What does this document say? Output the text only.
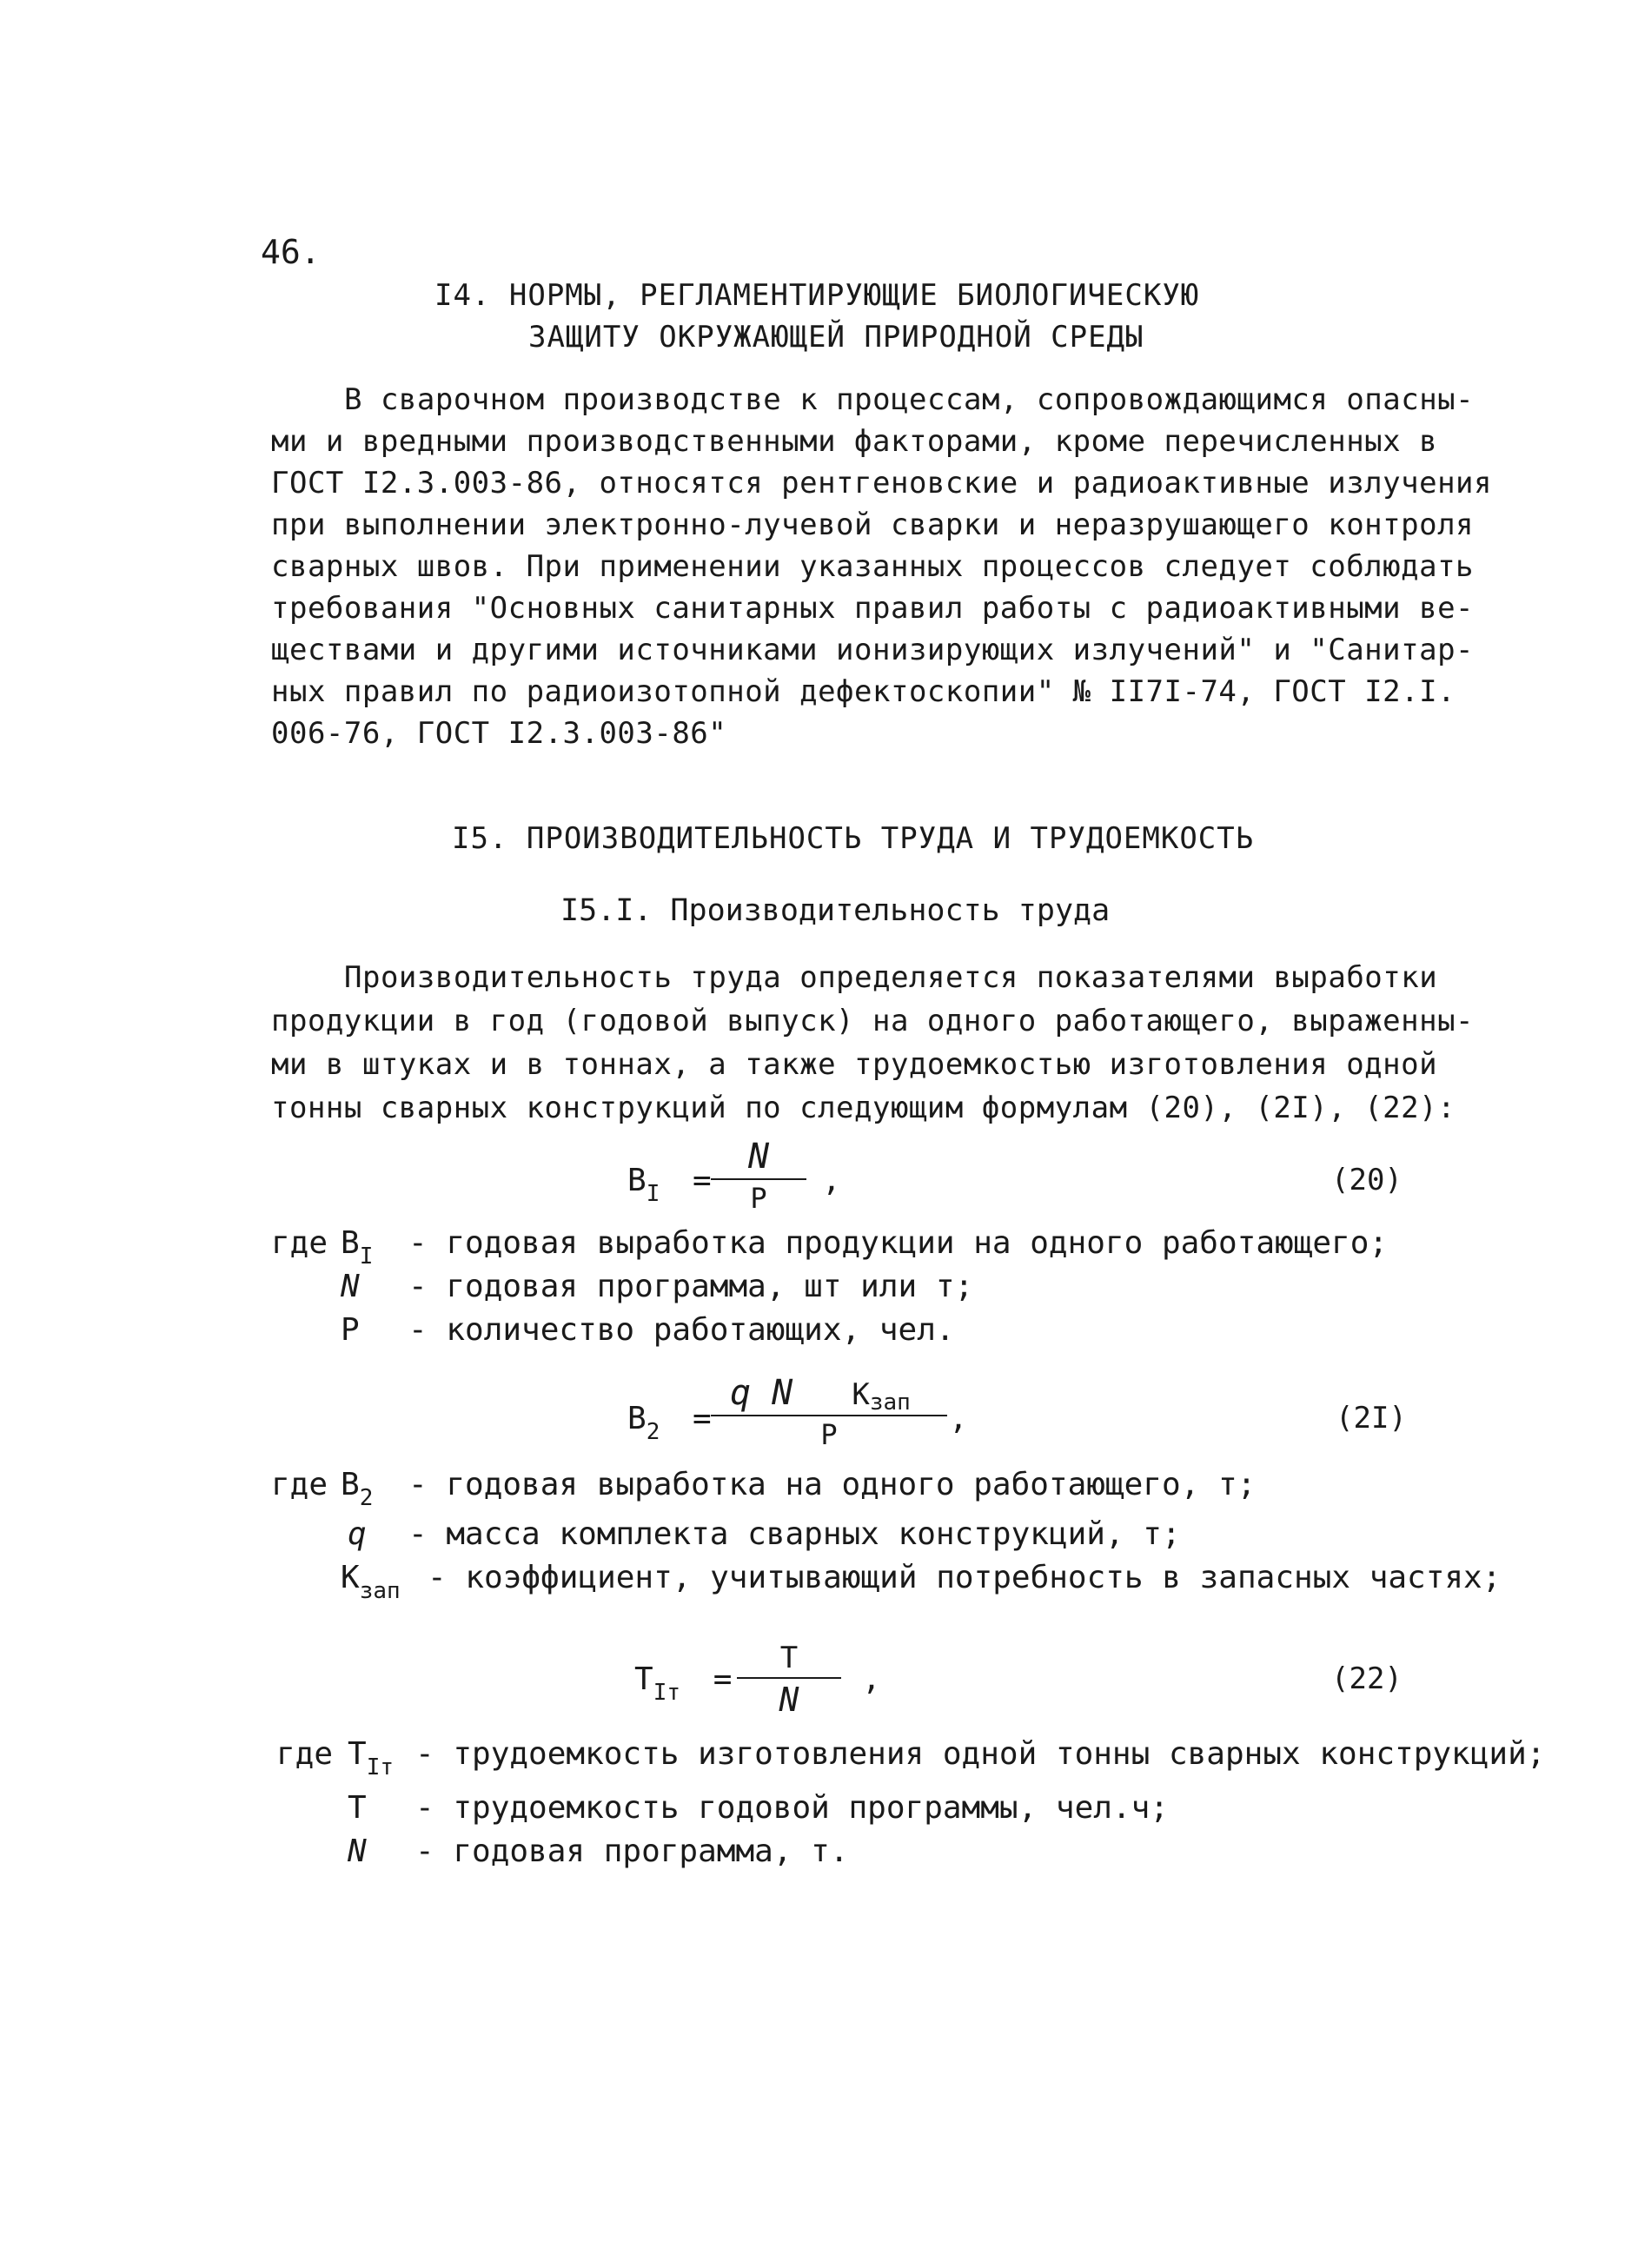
46.
I4. НОРМЫ, РЕГЛАМЕНТИРУЮЩИЕ БИОЛОГИЧЕСКУЮ
ЗАЩИТУ ОКРУЖАЮЩЕЙ ПРИРОДНОЙ СРЕДЫ
В сварочном производстве к процессам, сопровождающимся опасны-
ми и вредными производственными факторами, кроме перечисленных в
ГОСТ I2.3.003-86, относятся рентгеновские и радиоактивные излучения
при выполнении электронно-лучевой сварки и неразрушающего контроля
сварных швов. При применении указанных процессов следует соблюдать
требования "Основных санитарных правил работы с радиоактивными ве-
ществами и другими источниками ионизирующих излучений" и "Санитар-
ных правил по радиоизотопной дефектоскопии" № II7I-74, ГОСТ I2.I.
006-76, ГОСТ I2.3.003-86"
I5. ПРОИЗВОДИТЕЛЬНОСТЬ ТРУДА И ТРУДОЕМКОСТЬ
I5.I. Производительность труда
Производительность труда определяется показателями выработки
продукции в год (годовой выпуск) на одного работающего, выраженны-
ми в штуках и в тоннах, а также трудоемкостью изготовления одной
тонны сварных конструкций по следующим формулам (20), (2I), (22):
$B_I$ =
N
P	,	(20)
где $B_I$ - годовая выработка продукции на одного работающего;
N - годовая программа, шт или т;
P - количество работающих, чел.
$B_2$ =
q N Kзап
P	,	(2I)
где $B_2$ - годовая выработка на одного работающего, т;
q - масса комплекта сварных конструкций, т;
$K_{зап}$ - коэффициент, учитывающий потребность в запасных частях;
$T_{Iт}$ =
T
N
,	(22)
где $T_{Iт}$ - трудоемкость изготовления одной тонны сварных конструкций;
T - трудоемкость годовой программы, чел.ч;
N - годовая программа, т.
